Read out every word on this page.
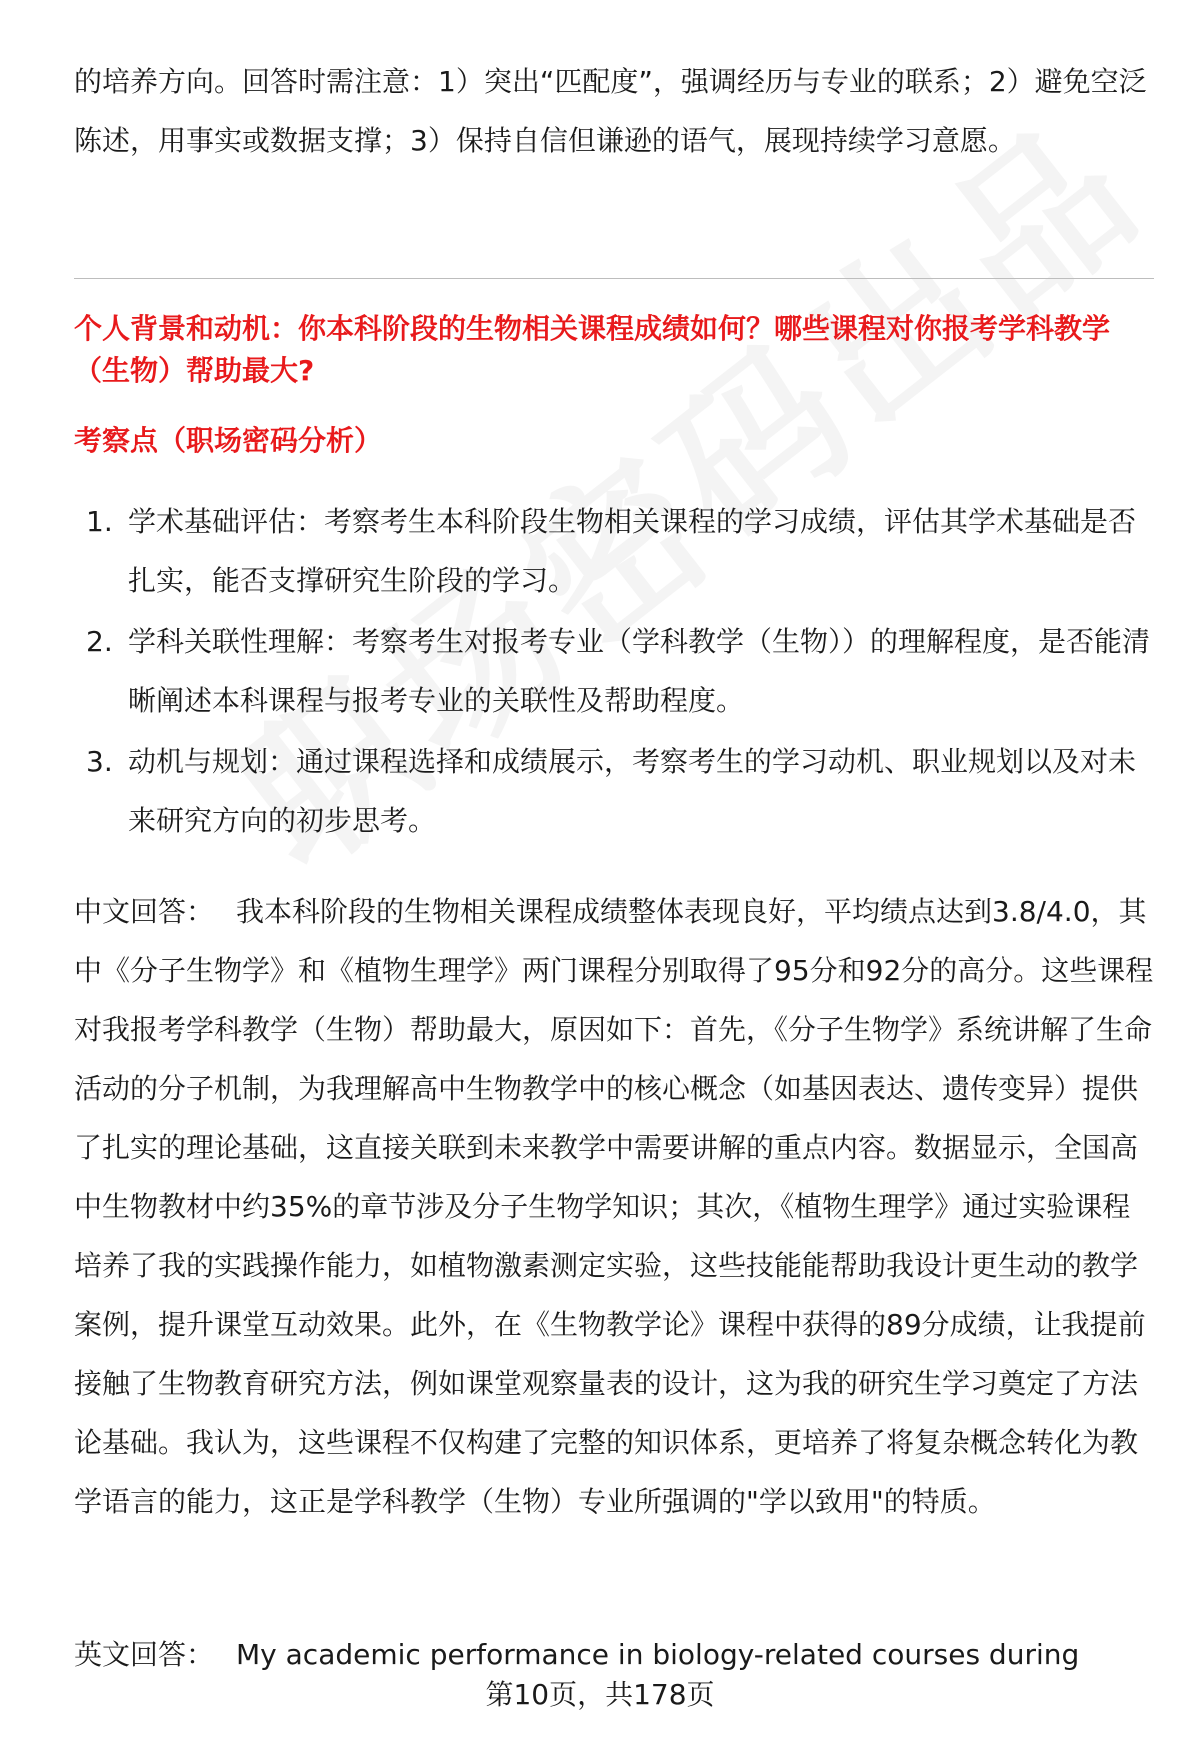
的培养方向。回答时需注意：1）突出“匹配度”，强调经历与专业的联系；2）避免空泛陈述，用事实或数据支撑；3）保持自信但谦逊的语气，展现持续学习意愿。

个人背景和动机：你本科阶段的生物相关课程成绩如何？哪些课程对你报考学科教学（生物）帮助最大?

考察点（职场密码分析）

1. 学术基础评估：考察考生本科阶段生物相关课程的学习成绩，评估其学术基础是否扎实，能否支撑研究生阶段的学习。
2. 学科关联性理解：考察考生对报考专业（学科教学（生物））的理解程度，是否能清晰阐述本科课程与报考专业的关联性及帮助程度。
3. 动机与规划：通过课程选择和成绩展示，考察考生的学习动机、职业规划以及对未来研究方向的初步思考。

中文回答： 我本科阶段的生物相关课程成绩整体表现良好，平均绩点达到3.8/4.0，其中《分子生物学》和《植物生理学》两门课程分别取得了95分和92分的高分。这些课程对我报考学科教学（生物）帮助最大，原因如下：首先，《分子生物学》系统讲解了生命活动的分子机制，为我理解高中生物教学中的核心概念（如基因表达、遗传变异）提供了扎实的理论基础，这直接关联到未来教学中需要讲解的重点内容。数据显示，全国高中生物教材中约35%的章节涉及分子生物学知识；其次，《植物生理学》通过实验课程培养了我的实践操作能力，如植物激素测定实验，这些技能能帮助我设计更生动的教学案例，提升课堂互动效果。此外，在《生物教学论》课程中获得的89分成绩，让我提前接触了生物教育研究方法，例如课堂观察量表的设计，这为我的研究生学习奠定了方法论基础。我认为，这些课程不仅构建了完整的知识体系，更培养了将复杂概念转化为教学语言的能力，这正是学科教学（生物）专业所强调的"学以致用"的特质。

英文回答： My academic performance in biology-related courses during

第10页，共178页
